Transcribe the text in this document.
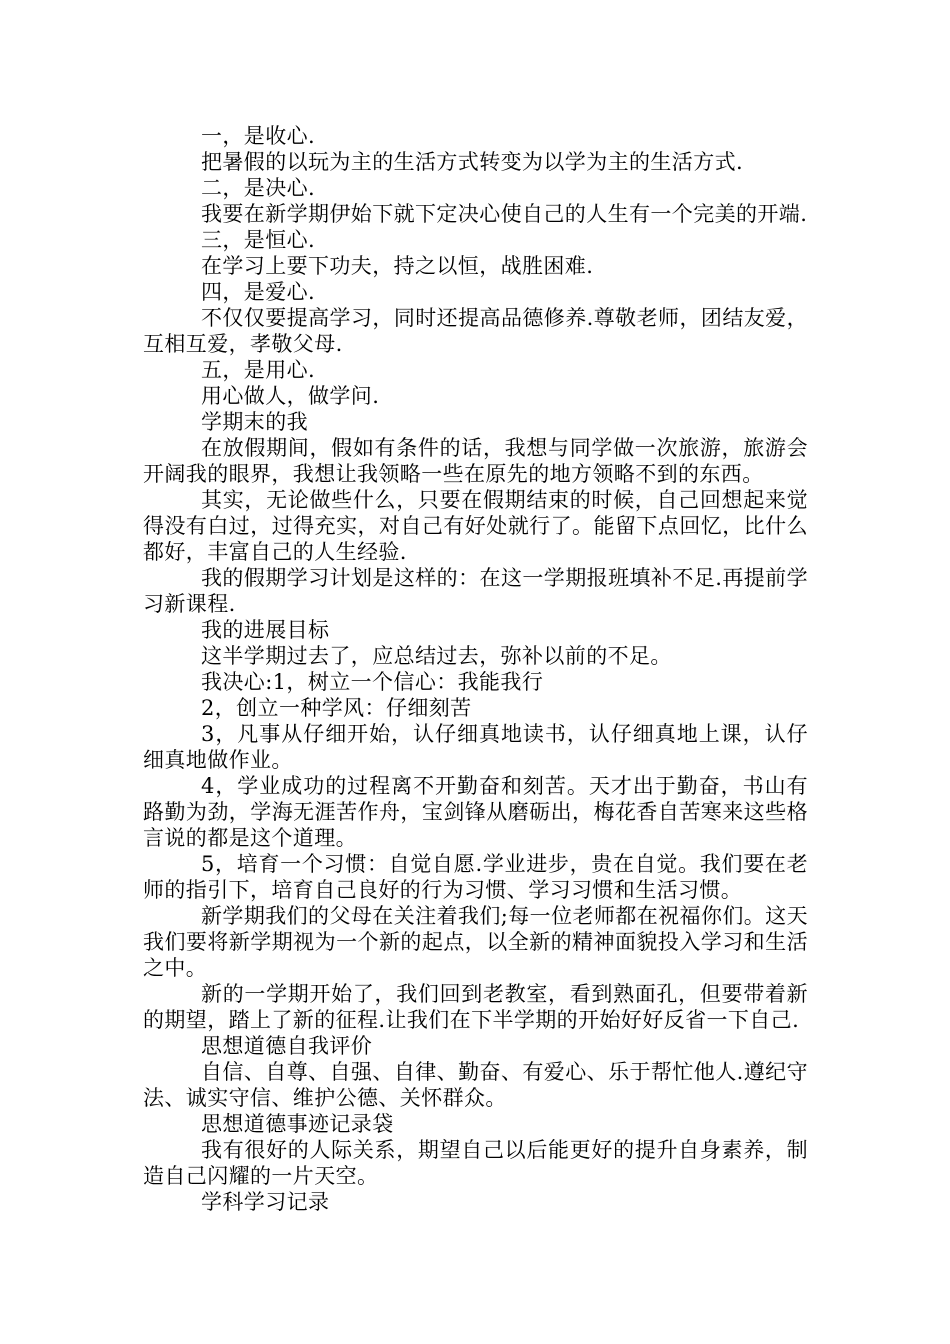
一，是收心.

把暑假的以玩为主的生活方式转变为以学为主的生活方式.

二，是决心.

我要在新学期伊始下就下定决心使自己的人生有一个完美的开端.

三，是恒心.

在学习上要下功夫，持之以恒，战胜困难.

四，是爱心.

不仅仅要提高学习，同时还提高品德修养.尊敬老师，团结友爱，互相互爱，孝敬父母.

五，是用心.

用心做人，做学问.

学期末的我

在放假期间，假如有条件的话，我想与同学做一次旅游，旅游会开阔我的眼界，我想让我领略一些在原先的地方领略不到的东西。

其实，无论做些什么，只要在假期结束的时候，自己回想起来觉得没有白过，过得充实，对自己有好处就行了。能留下点回忆，比什么都好，丰富自己的人生经验.

我的假期学习计划是这样的：在这一学期报班填补不足.再提前学习新课程.

我的进展目标

这半学期过去了，应总结过去，弥补以前的不足。

我决心:1，树立一个信心：我能我行

2，创立一种学风：仔细刻苦

3，凡事从仔细开始，认仔细真地读书，认仔细真地上课，认仔细真地做作业。

4，学业成功的过程离不开勤奋和刻苦。天才出于勤奋，书山有路勤为劲，学海无涯苦作舟，宝剑锋从磨砺出，梅花香自苦寒来这些格言说的都是这个道理。

5，培育一个习惯：自觉自愿.学业进步，贵在自觉。我们要在老师的指引下，培育自己良好的行为习惯、学习习惯和生活习惯。

新学期我们的父母在关注着我们;每一位老师都在祝福你们。这天我们要将新学期视为一个新的起点，以全新的精神面貌投入学习和生活之中。

新的一学期开始了，我们回到老教室，看到熟面孔，但要带着新的期望，踏上了新的征程.让我们在下半学期的开始好好反省一下自己.

思想道德自我评价

自信、自尊、自强、自律、勤奋、有爱心、乐于帮忙他人.遵纪守法、诚实守信、维护公德、关怀群众。

思想道德事迹记录袋

我有很好的人际关系，期望自己以后能更好的提升自身素养，制造自己闪耀的一片天空。

学科学习记录
